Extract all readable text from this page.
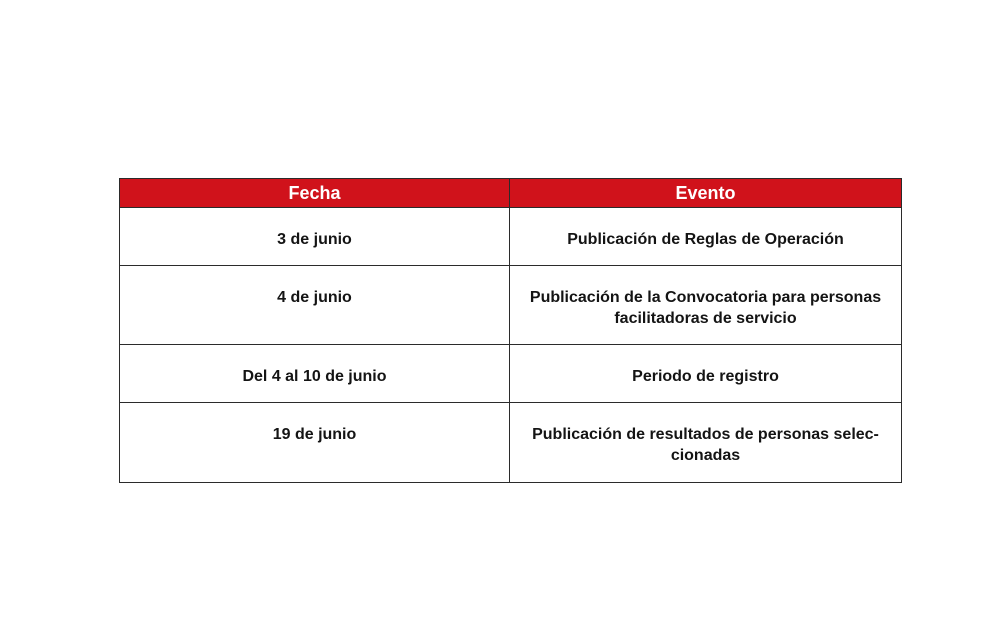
Fecha	Evento
3 de junio	Publicación de Reglas de Operación
4 de junio	Publicación de la Convocatoria para personas facilitadoras de servicio
Del 4 al 10 de junio	Periodo de registro
19 de junio	Publicación de resultados de personas selec-cionadas
